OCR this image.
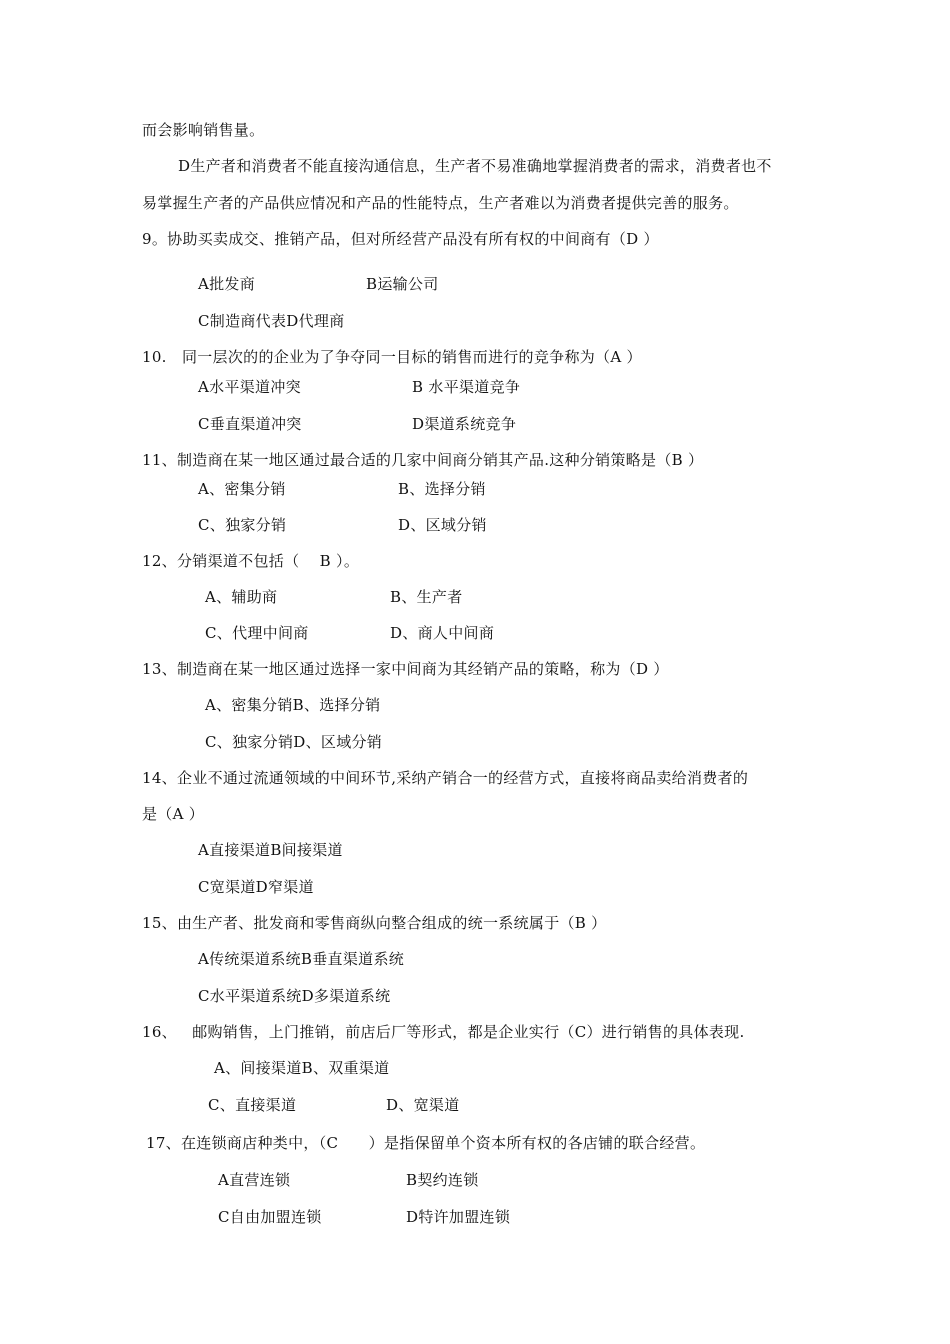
而会影响销售量。
D生产者和消费者不能直接沟通信息，生产者不易准确地掌握消费者的需求，消费者也不
易掌握生产者的产品供应情况和产品的性能特点，生产者难以为消费者提供完善的服务。
9。协助买卖成交、推销产品，但对所经营产品没有所有权的中间商有（D ）
A批发商	B运输公司
C制造商代表D代理商
10.   同一层次的的企业为了争夺同一目标的销售而进行的竞争称为（A ）
A水平渠道冲突	B 水平渠道竞争
C垂直渠道冲突	D渠道系统竞争
11、制造商在某一地区通过最合适的几家中间商分销其产品.这种分销策略是（B ）
A、密集分销	B、选择分销
C、独家分销	D、区域分销
12、分销渠道不包括（    B ）。
A、辅助商	B、生产者
C、代理中间商	D、商人中间商
13、制造商在某一地区通过选择一家中间商为其经销产品的策略，称为（D ）
A、密集分销B、选择分销
C、独家分销D、区域分销
14、企业不通过流通领域的中间环节,采纳产销合一的经营方式，直接将商品卖给消费者的
是（A ）
A直接渠道B间接渠道
C宽渠道D窄渠道
15、由生产者、批发商和零售商纵向整合组成的统一系统属于（B ）
A传统渠道系统B垂直渠道系统
C水平渠道系统D多渠道系统
16、   邮购销售，上门推销，前店后厂等形式，都是企业实行（C）进行销售的具体表现.
A、间接渠道B、双重渠道
C、直接渠道	D、宽渠道
17、在连锁商店种类中，（C      ）是指保留单个资本所有权的各店铺的联合经营。
A直营连锁	B契约连锁
C自由加盟连锁	D特许加盟连锁
